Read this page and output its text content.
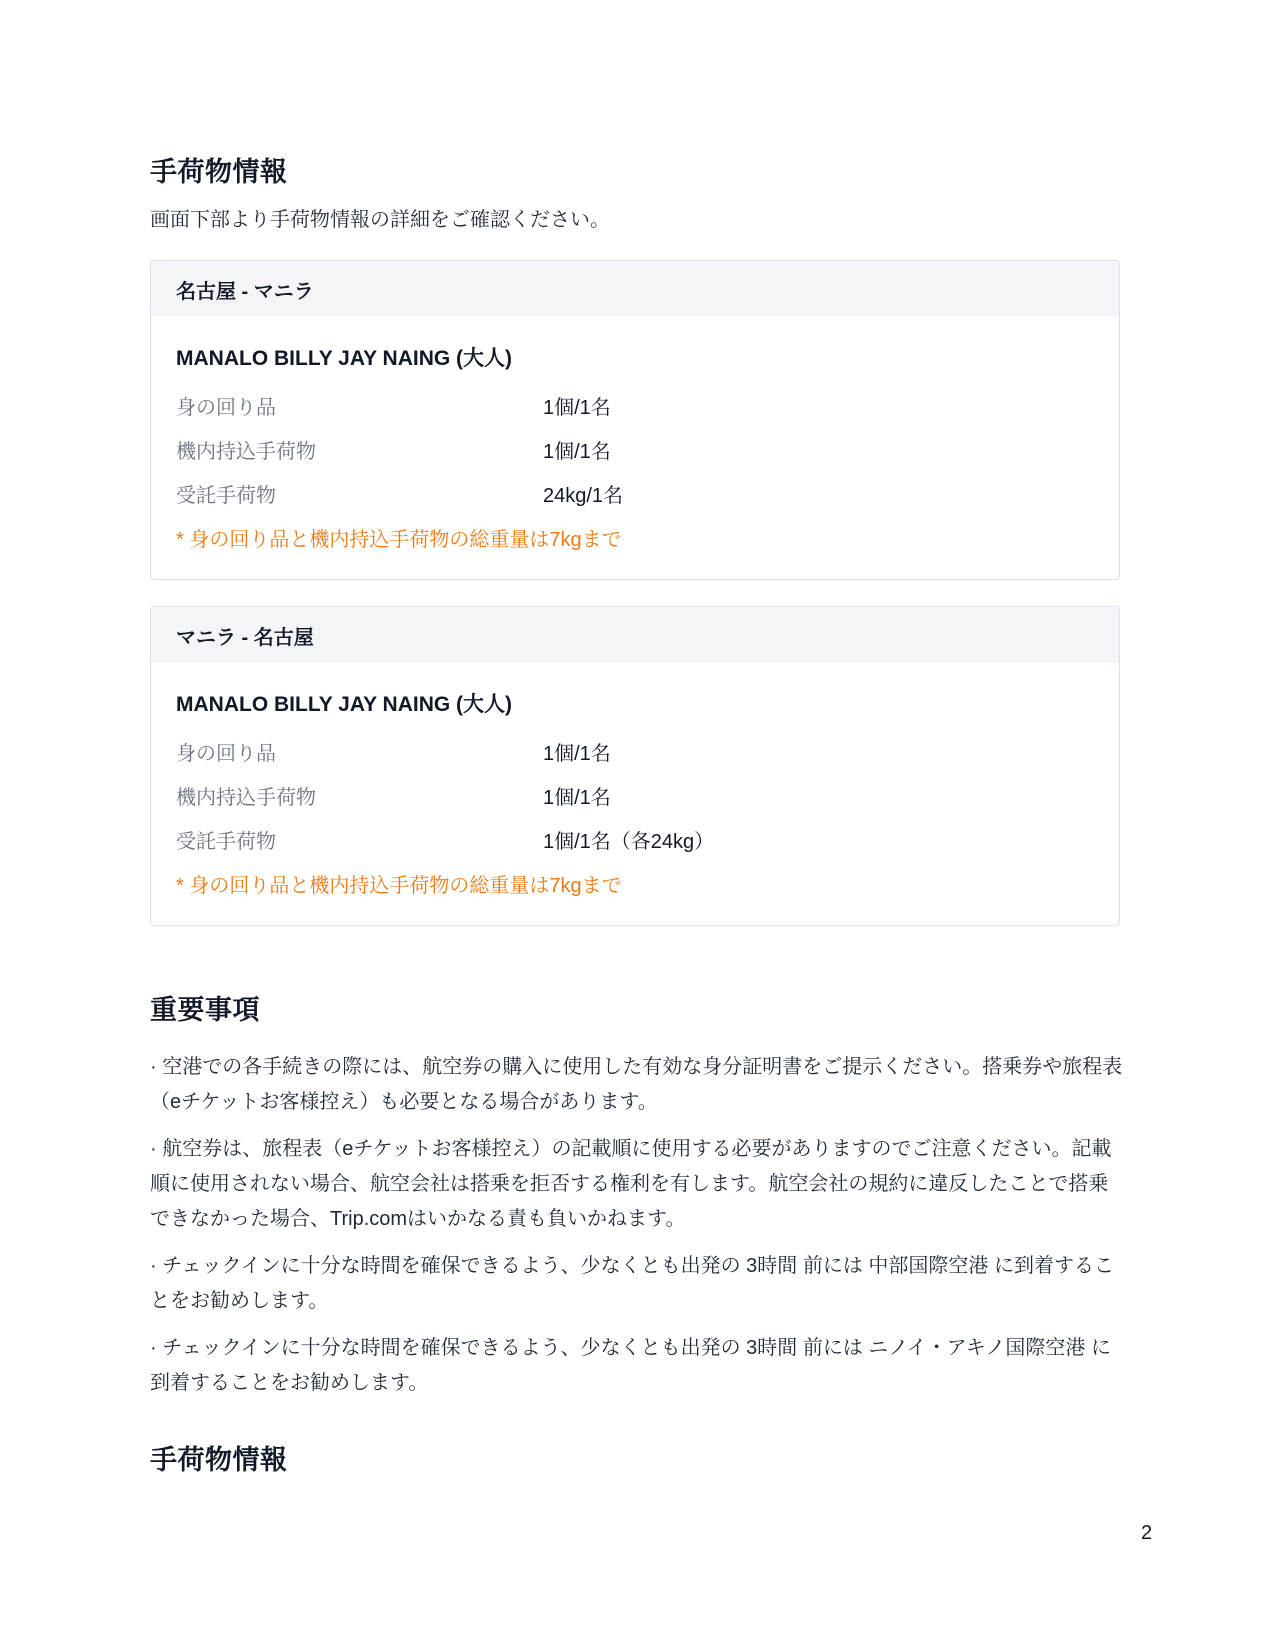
手荷物情報
画面下部より手荷物情報の詳細をご確認ください。
名古屋 - マニラ
MANALO BILLY JAY NAING (大人)
身の回り品	1個/1名
機内持込手荷物	1個/1名
受託手荷物	24kg/1名
* 身の回り品と機内持込手荷物の総重量は7kgまで
マニラ - 名古屋
MANALO BILLY JAY NAING (大人)
身の回り品	1個/1名
機内持込手荷物	1個/1名
受託手荷物	1個/1名（各24kg）
* 身の回り品と機内持込手荷物の総重量は7kgまで
重要事項
· 空港での各手続きの際には、航空券の購入に使用した有効な身分証明書をご提示ください。搭乗券や旅程表（eチケットお客様控え）も必要となる場合があります。
· 航空券は、旅程表（eチケットお客様控え）の記載順に使用する必要がありますのでご注意ください。記載順に使用されない場合、航空会社は搭乗を拒否する権利を有します。航空会社の規約に違反したことで搭乗できなかった場合、Trip.comはいかなる責も負いかねます。
· チェックインに十分な時間を確保できるよう、少なくとも出発の 3時間 前には 中部国際空港 に到着することをお勧めします。
· チェックインに十分な時間を確保できるよう、少なくとも出発の 3時間 前には ニノイ・アキノ国際空港 に到着することをお勧めします。
手荷物情報
2
